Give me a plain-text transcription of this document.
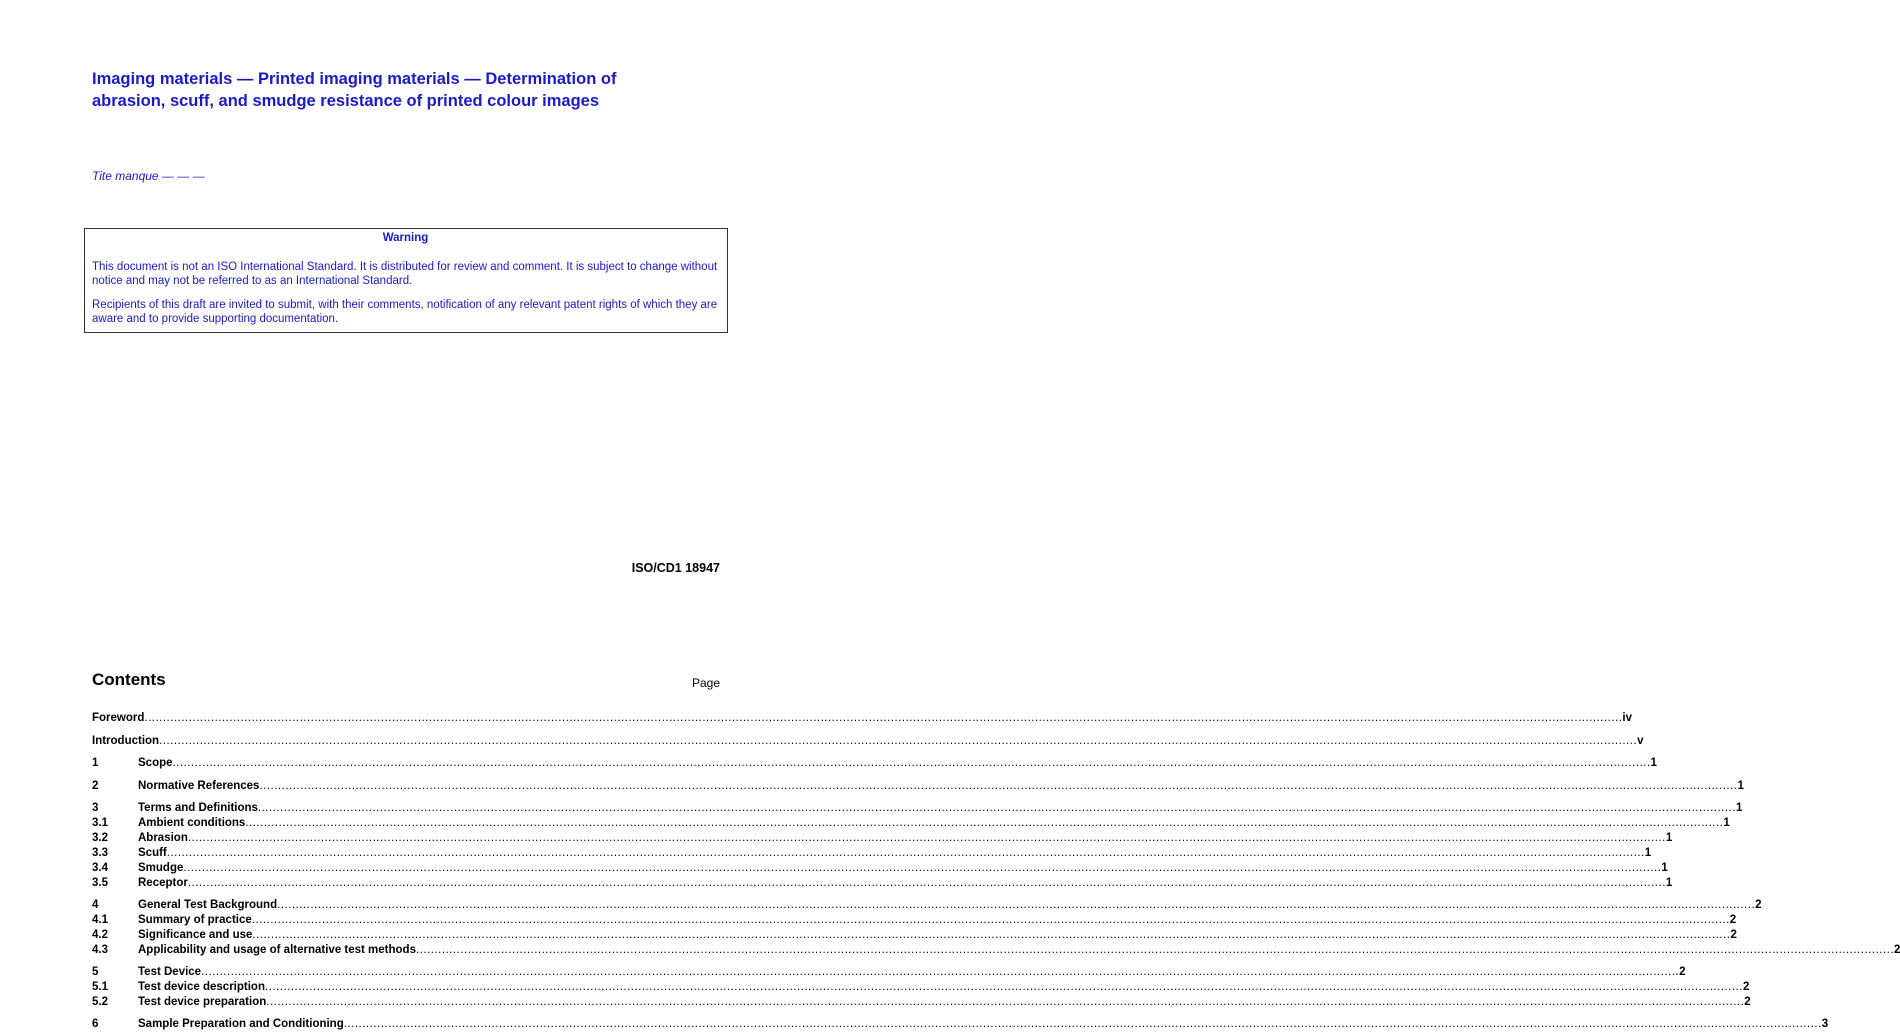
Imaging materials — Printed imaging materials — Determination of
abrasion, scuff, and smudge resistance of printed colour images
Tite manque — — —
Warning

This document is not an ISO International Standard. It is distributed for review and comment. It is subject to change without notice and may not be referred to as an International Standard.

Recipients of this draft are invited to submit, with their comments, notification of any relevant patent rights of which they are aware and to provide supporting documentation.

ISO/CD1 18947
Contents	Page
Foreword ................................................................................................................................................................................................................................................................................................................................................................................................................ iv
Introduction ................................................................................................................................................................................................................................................................................................................................................................................................................ v
1	Scope ................................................................................................................................................................................................................................................................................................................................................................................................................ 1
2	Normative References ................................................................................................................................................................................................................................................................................................................................................................................................................ 1
3	Terms and Definitions ................................................................................................................................................................................................................................................................................................................................................................................................................ 1
3.1	Ambient conditions ................................................................................................................................................................................................................................................................................................................................................................................................................ 1
3.2	Abrasion ................................................................................................................................................................................................................................................................................................................................................................................................................ 1
3.3	Scuff ................................................................................................................................................................................................................................................................................................................................................................................................................ 1
3.4	Smudge ................................................................................................................................................................................................................................................................................................................................................................................................................ 1
3.5	Receptor ................................................................................................................................................................................................................................................................................................................................................................................................................ 1
4	General Test Background ................................................................................................................................................................................................................................................................................................................................................................................................................ 2
4.1	Summary of practice ................................................................................................................................................................................................................................................................................................................................................................................................................ 2
4.2	Significance and use ................................................................................................................................................................................................................................................................................................................................................................................................................ 2
4.3	Applicability and usage of alternative test methods ................................................................................................................................................................................................................................................................................................................................................................................................................ 2
5	Test Device ................................................................................................................................................................................................................................................................................................................................................................................................................ 2
5.1	Test device description ................................................................................................................................................................................................................................................................................................................................................................................................................ 2
5.2	Test device preparation ................................................................................................................................................................................................................................................................................................................................................................................................................ 2
6	Sample Preparation and Conditioning ................................................................................................................................................................................................................................................................................................................................................................................................................ 3
